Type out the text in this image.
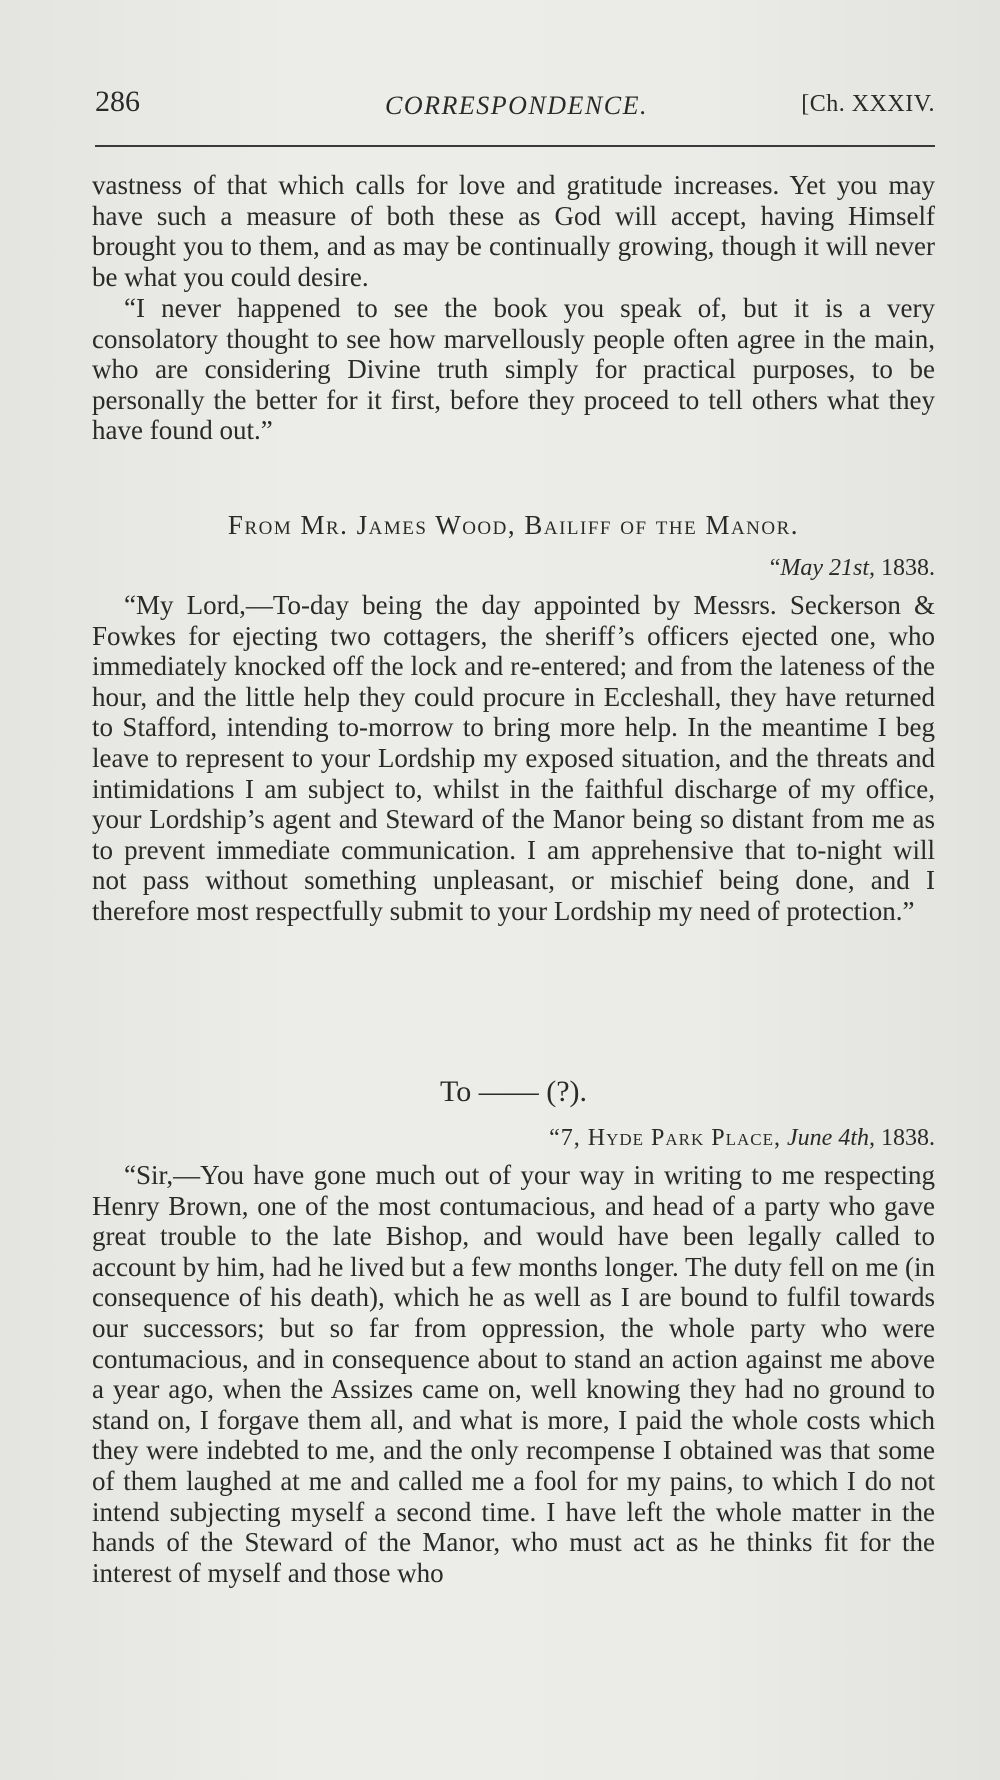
286	CORRESPONDENCE.	[Ch. XXXIV.

vastness of that which calls for love and gratitude increases. Yet you may have such a measure of both these as God will accept, having Himself brought you to them, and as may be continually growing, though it will never be what you could desire.

“I never happened to see the book you speak of, but it is a very consolatory thought to see how marvellously people often agree in the main, who are considering Divine truth simply for practical purposes, to be personally the better for it first, before they proceed to tell others what they have found out.”

From Mr. James Wood, Bailiff of the Manor.

“May 21st, 1838.

“My Lord,—To-day being the day appointed by Messrs. Seckerson & Fowkes for ejecting two cottagers, the sheriff’s officers ejected one, who immediately knocked off the lock and re-entered; and from the lateness of the hour, and the little help they could procure in Eccleshall, they have returned to Stafford, intending to-morrow to bring more help. In the meantime I beg leave to represent to your Lordship my exposed situation, and the threats and intimidations I am subject to, whilst in the faithful discharge of my office, your Lordship’s agent and Steward of the Manor being so distant from me as to prevent immediate communication. I am apprehensive that to-night will not pass without something unpleasant, or mischief being done, and I therefore most respectfully submit to your Lordship my need of protection.”

To —— (?).

“7, Hyde Park Place, June 4th, 1838.

“Sir,—You have gone much out of your way in writing to me respecting Henry Brown, one of the most contumacious, and head of a party who gave great trouble to the late Bishop, and would have been legally called to account by him, had he lived but a few months longer. The duty fell on me (in consequence of his death), which he as well as I are bound to fulfil towards our successors; but so far from oppression, the whole party who were contumacious, and in consequence about to stand an action against me above a year ago, when the Assizes came on, well knowing they had no ground to stand on, I forgave them all, and what is more, I paid the whole costs which they were indebted to me, and the only recompense I obtained was that some of them laughed at me and called me a fool for my pains, to which I do not intend subjecting myself a second time. I have left the whole matter in the hands of the Steward of the Manor, who must act as he thinks fit for the interest of myself and those who
